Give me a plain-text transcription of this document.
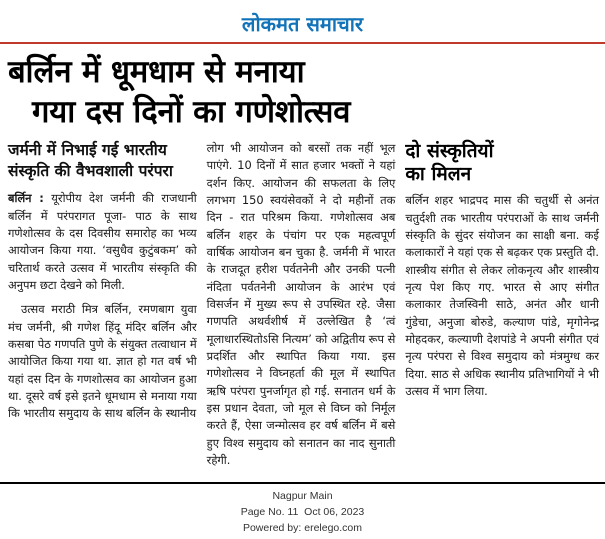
लोकमत समाचार
बर्लिन में धूमधाम से मनाया
गया दस दिनों का गणेशोत्सव
जर्मनी में निभाई गई भारतीय संस्कृति की वैभवशाली परंपरा

बर्लिन : यूरोपीय देश जर्मनी की राजधानी बर्लिन में परंपरागत पूजा- पाठ के साथ गणेशोत्सव के दस दिवसीय समारोह का भव्य आयोजन किया गया. ‘वसुधैव कुटुंबकम’ को चरितार्थ करते उत्सव में भारतीय संस्कृति की अनुपम छटा देखने को मिली.

उत्सव मराठी मित्र बर्लिन, रमणबाग युवा मंच जर्मनी, श्री गणेश हिंदू मंदिर बर्लिन और कसबा पेठ गणपति पुणे के संयुक्त तत्वाधान में आयोजित किया गया था. ज्ञात हो गत वर्ष भी यहां दस दिन के गणशोत्सव का आयोजन हुआ था. दूसरे वर्ष इसे इतने धूमधाम से मनाया गया कि भारतीय समुदाय के साथ बर्लिन के स्थानीय

लोग भी आयोजन को बरसों तक नहीं भूल पाएंगे. 10 दिनों में सात हजार भक्तों ने यहां दर्शन किए. आयोजन की सफलता के लिए लगभग 150 स्वयंसेवकों ने दो महीनों तक दिन - रात परिश्रम किया. गणेशोत्सव अब बर्लिन शहर के पंचांग पर एक महत्वपूर्ण वार्षिक आयोजन बन चुका है. जर्मनी में भारत के राजदूत हरीश पर्वतनेनी और उनकी पत्नी नंदिता पर्वतनेनी आयोजन के आरंभ एवं विसर्जन में मुख्य रूप से उपस्थित रहे. जैसा गणपति अथर्वशीर्ष में उल्लेखित है ‘त्वं मूलाधारस्थितोऽसि नित्यम’ को अद्वितीय रूप से प्रदर्शित और स्थापित किया गया. इस गणेशोत्सव ने विघ्नहर्ता की मूल में स्थापित ऋषि परंपरा पुनर्जागृत हो गई. सनातन धर्म के इस प्रधान देवता, जो मूल से विघ्न को निर्मूल करते हैं, ऐसा जन्मोत्सव हर वर्ष बर्लिन में बसे हुए विश्व समुदाय को सनातन का नाद सुनाती रहेगी.

दो संस्कृतियों
का मिलन

बर्लिन शहर भाद्रपद मास की चतुर्थी से अनंत चतुर्दशी तक भारतीय परंपराओं के साथ जर्मनी संस्कृति के सुंदर संयोजन का साक्षी बना. कई कलाकारों ने यहां एक से बढ़कर एक प्रस्तुति दी. शास्त्रीय संगीत से लेकर लोकनृत्य और शास्त्रीय नृत्य पेश किए गए. भारत से आए संगीत कलाकार तेजस्विनी साठे, अनंत और धानी गुंडेचा, अनुजा बोरुडे, कल्याण पांडे, मृगोनेन्द्र मोहदकर, कल्याणी देशपांडे ने अपनी संगीत एवं नृत्य परंपरा से विश्व समुदाय को मंत्रमुग्ध कर दिया. साठ से अधिक स्थानीय प्रतिभागियों ने भी उत्सव में भाग लिया.

Nagpur Main
Page No. 11  Oct 06, 2023
Powered by: erelego.com
